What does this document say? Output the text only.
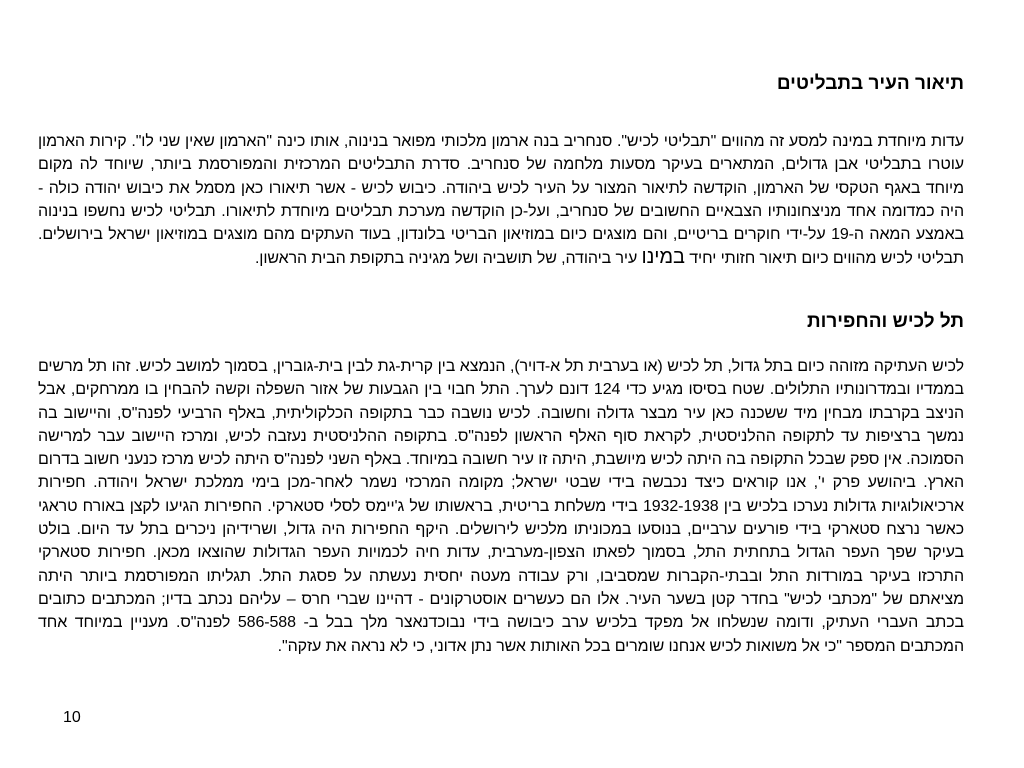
תיאור העיר בתבליטים

עדות מיוחדת במינה למסע זה מהווים "תבליטי לכיש". סנחריב בנה ארמון מלכותי מפואר בנינוה, אותו כינה "הארמון שאין שני לו". קירות הארמון עוטרו בתבליטי אבן גדולים, המתארים בעיקר מסעות מלחמה של סנחריב. סדרת התבליטים המרכזית והמפורסמת ביותר, שיוחד לה מקום מיוחד באגף הטקסי של הארמון, הוקדשה לתיאור המצור על העיר לכיש ביהודה. כיבוש לכיש - אשר תיאורו כאן מסמל את כיבוש יהודה כולה - היה כמדומה אחד מניצחונותיו הצבאיים החשובים של סנחריב, ועל-כן הוקדשה מערכת תבליטים מיוחדת לתיאורו. תבליטי לכיש נחשפו בנינוה באמצע המאה ה-19 על-ידי חוקרים בריטיים, והם מוצגים כיום במוזיאון הבריטי בלונדון, בעוד העתקים מהם מוצגים במוזיאון ישראל בירושלים. תבליטי לכיש מהווים כיום תיאור חזותי יחיד במינו עיר ביהודה, של תושביה ושל מגיניה בתקופת הבית הראשון.

תל לכיש והחפירות

לכיש העתיקה מזוהה כיום בתל גדול, תל לכיש (או בערבית תל א-דויר), הנמצא בין קרית-גת לבין בית-גוברין, בסמוך למושב לכיש. זהו תל מרשים בממדיו ובמדרונותיו התלולים. שטח בסיסו מגיע כדי 124 דונם לערך. התל חבוי בין הגבעות של אזור השפלה וקשה להבחין בו ממרחקים, אבל הניצב בקרבתו מבחין מיד ששכנה כאן עיר מבצר גדולה וחשובה. לכיש נושבה כבר בתקופה הכלקוליתית, באלף הרביעי לפנה"ס, והיישוב בה נמשך ברציפות עד לתקופה ההלניסטית, לקראת סוף האלף הראשון לפנה"ס. בתקופה ההלניסטית נעזבה לכיש, ומרכז היישוב עבר למרישה הסמוכה. אין ספק שבכל התקופה בה היתה לכיש מיושבת, היתה זו עיר חשובה במיוחד. באלף השני לפנה"ס היתה לכיש מרכז כנעני חשוב בדרום הארץ. ביהושע פרק י', אנו קוראים כיצד נכבשה בידי שבטי ישראל; מקומה המרכזי נשמר לאחר-מכן בימי ממלכת ישראל ויהודה. חפירות ארכיאולוגיות גדולות נערכו בלכיש בין 1932-1938 בידי משלחת בריטית, בראשותו של ג'יימס לסלי סטארקי. החפירות הגיעו לקצן באורח טראגי כאשר נרצח סטארקי בידי פורעים ערביים, בנוסעו במכוניתו מלכיש לירושלים. היקף החפירות היה גדול, ושרידיהן ניכרים בתל עד היום. בולט בעיקר שפך העפר הגדול בתחתית התל, בסמוך לפאתו הצפון-מערבית, עדות חיה לכמויות העפר הגדולות שהוצאו מכאן. חפירות סטארקי התרכזו בעיקר במורדות התל ובבתי-הקברות שמסביבו, ורק עבודה מעטה יחסית נעשתה על פסגת התל. תגליתו המפורסמת ביותר היתה מציאתם של "מכתבי לכיש" בחדר קטן בשער העיר. אלו הם כעשרים אוסטרקונים - דהיינו שברי חרס – עליהם נכתב בדיו; המכתבים כתובים בכתב העברי העתיק, ודומה שנשלחו אל מפקד בלכיש ערב כיבושה בידי נבוכדנאצר מלך בבל ב- 586-588 לפנה"ס. מעניין במיוחד אחד המכתבים המספר "כי אל משואות לכיש אנחנו שומרים בכל האותות אשר נתן אדוני, כי לא נראה את עזקה".

10
